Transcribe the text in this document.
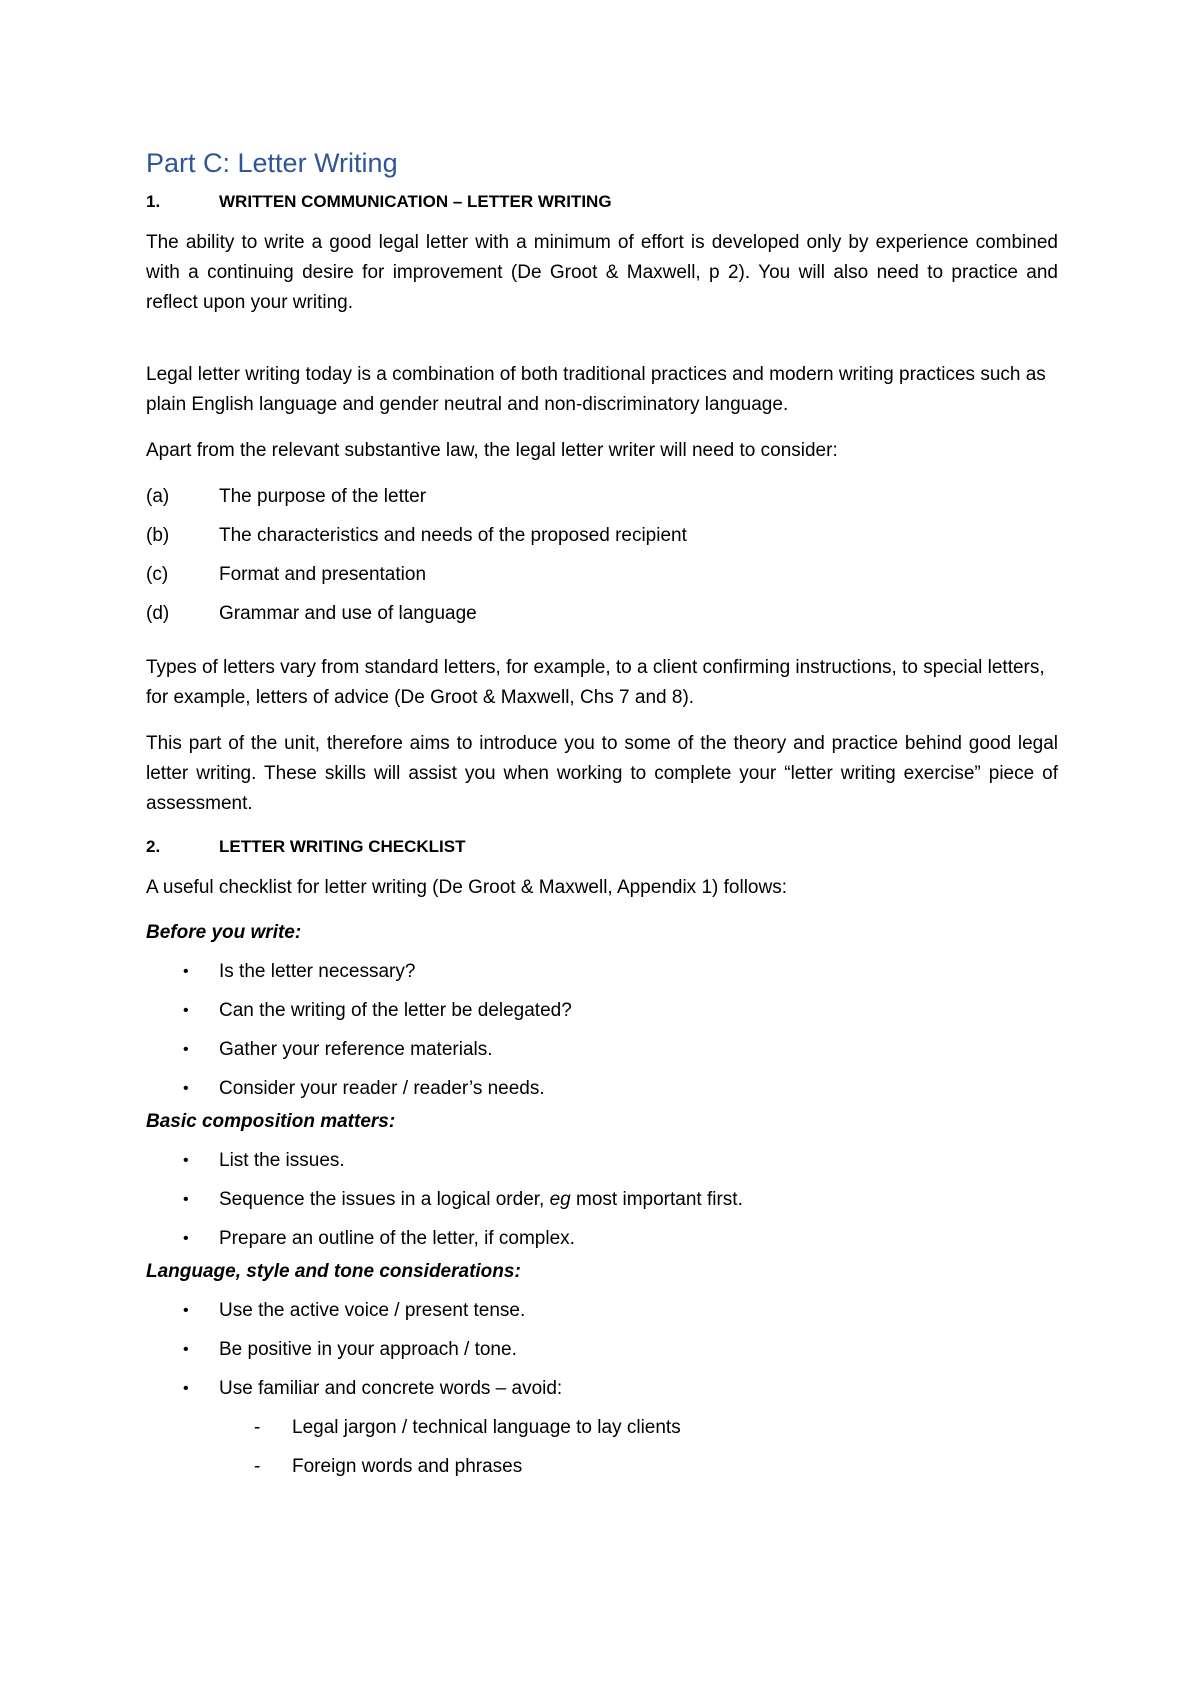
Part C: Letter Writing
1.	WRITTEN COMMUNICATION – LETTER WRITING

The ability to write a good legal letter with a minimum of effort is developed only by experience combined with a continuing desire for improvement (De Groot & Maxwell, p 2). You will also need to practice and reflect upon your writing.

Legal letter writing today is a combination of both traditional practices and modern writing practices such as plain English language and gender neutral and non-discriminatory language.

Apart from the relevant substantive law, the legal letter writer will need to consider:

(a)	The purpose of the letter
(b)	The characteristics and needs of the proposed recipient
(c)	Format and presentation
(d)	Grammar and use of language

Types of letters vary from standard letters, for example, to a client confirming instructions, to special letters, for example, letters of advice (De Groot & Maxwell, Chs 7 and 8).

This part of the unit, therefore aims to introduce you to some of the theory and practice behind good legal letter writing. These skills will assist you when working to complete your “letter writing exercise” piece of assessment.

2.	LETTER WRITING CHECKLIST

A useful checklist for letter writing (De Groot & Maxwell, Appendix 1) follows:

Before you write:

•	Is the letter necessary?
•	Can the writing of the letter be delegated?
•	Gather your reference materials.
•	Consider your reader / reader’s needs.

Basic composition matters:

•	List the issues.
•	Sequence the issues in a logical order, eg most important first.
•	Prepare an outline of the letter, if complex.

Language, style and tone considerations:

•	Use the active voice / present tense.
•	Be positive in your approach / tone.
•	Use familiar and concrete words – avoid:
-	Legal jargon / technical language to lay clients
-	Foreign words and phrases
